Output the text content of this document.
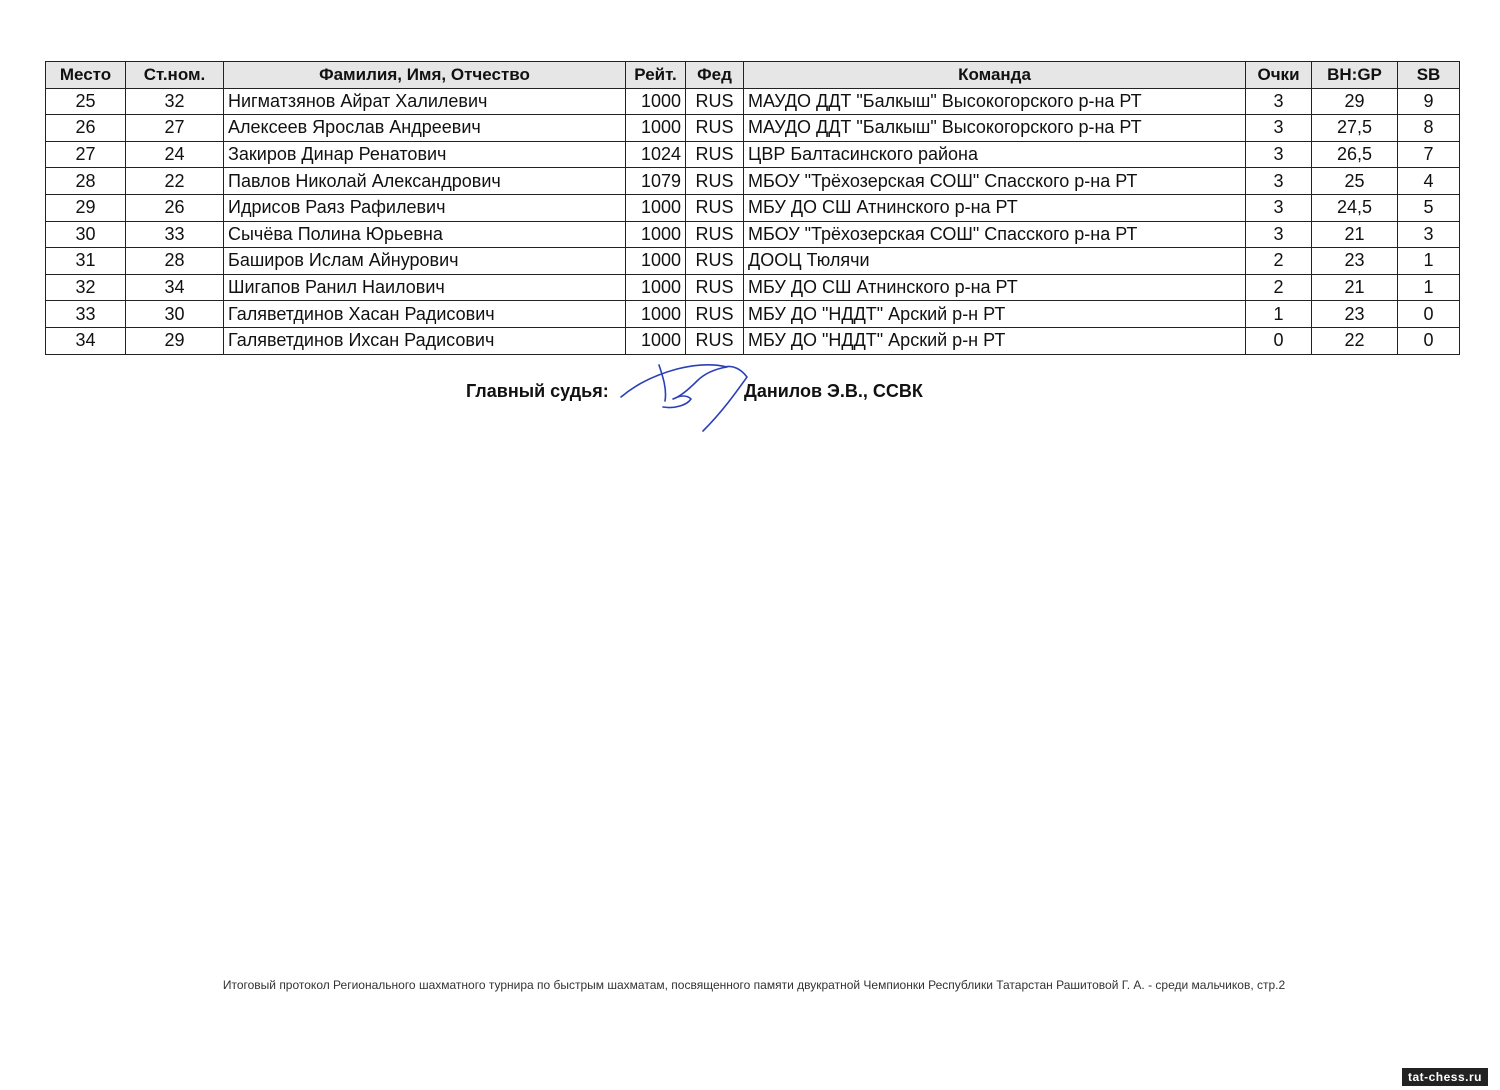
Место	Ст.ном.	Фамилия, Имя, Отчество	Рейт.	Фед	Команда	Очки	BH:GP	SB
25	32	Нигматзянов Айрат Халилевич	1000	RUS	МАУДО ДДТ "Балкыш" Высокогорского р-на РТ	3	29	9
26	27	Алексеев Ярослав Андреевич	1000	RUS	МАУДО ДДТ "Балкыш" Высокогорского р-на РТ	3	27,5	8
27	24	Закиров Динар Ренатович	1024	RUS	ЦВР Балтасинского района	3	26,5	7
28	22	Павлов Николай Александрович	1079	RUS	МБОУ "Трёхозерская СОШ" Спасского р-на РТ	3	25	4
29	26	Идрисов Раяз Рафилевич	1000	RUS	МБУ ДО СШ Атнинского р-на РТ	3	24,5	5
30	33	Сычёва Полина Юрьевна	1000	RUS	МБОУ "Трёхозерская СОШ" Спасского р-на РТ	3	21	3
31	28	Баширов Ислам Айнурович	1000	RUS	ДООЦ Тюлячи	2	23	1
32	34	Шигапов Ранил Наилович	1000	RUS	МБУ ДО СШ Атнинского р-на РТ	2	21	1
33	30	Галяветдинов Хасан Радисович	1000	RUS	МБУ ДО "НДДТ" Арский р-н РТ	1	23	0
34	29	Галяветдинов Ихсан Радисович	1000	RUS	МБУ ДО "НДДТ" Арский р-н РТ	0	22	0
Главный судья:	Данилов Э.В., ССВК
Итоговый протокол Регионального шахматного турнира по быстрым шахматам, посвященного памяти двукратной Чемпионки Республики Татарстан Рашитовой Г. А. - среди мальчиков, стр.2
tat-chess.ru
